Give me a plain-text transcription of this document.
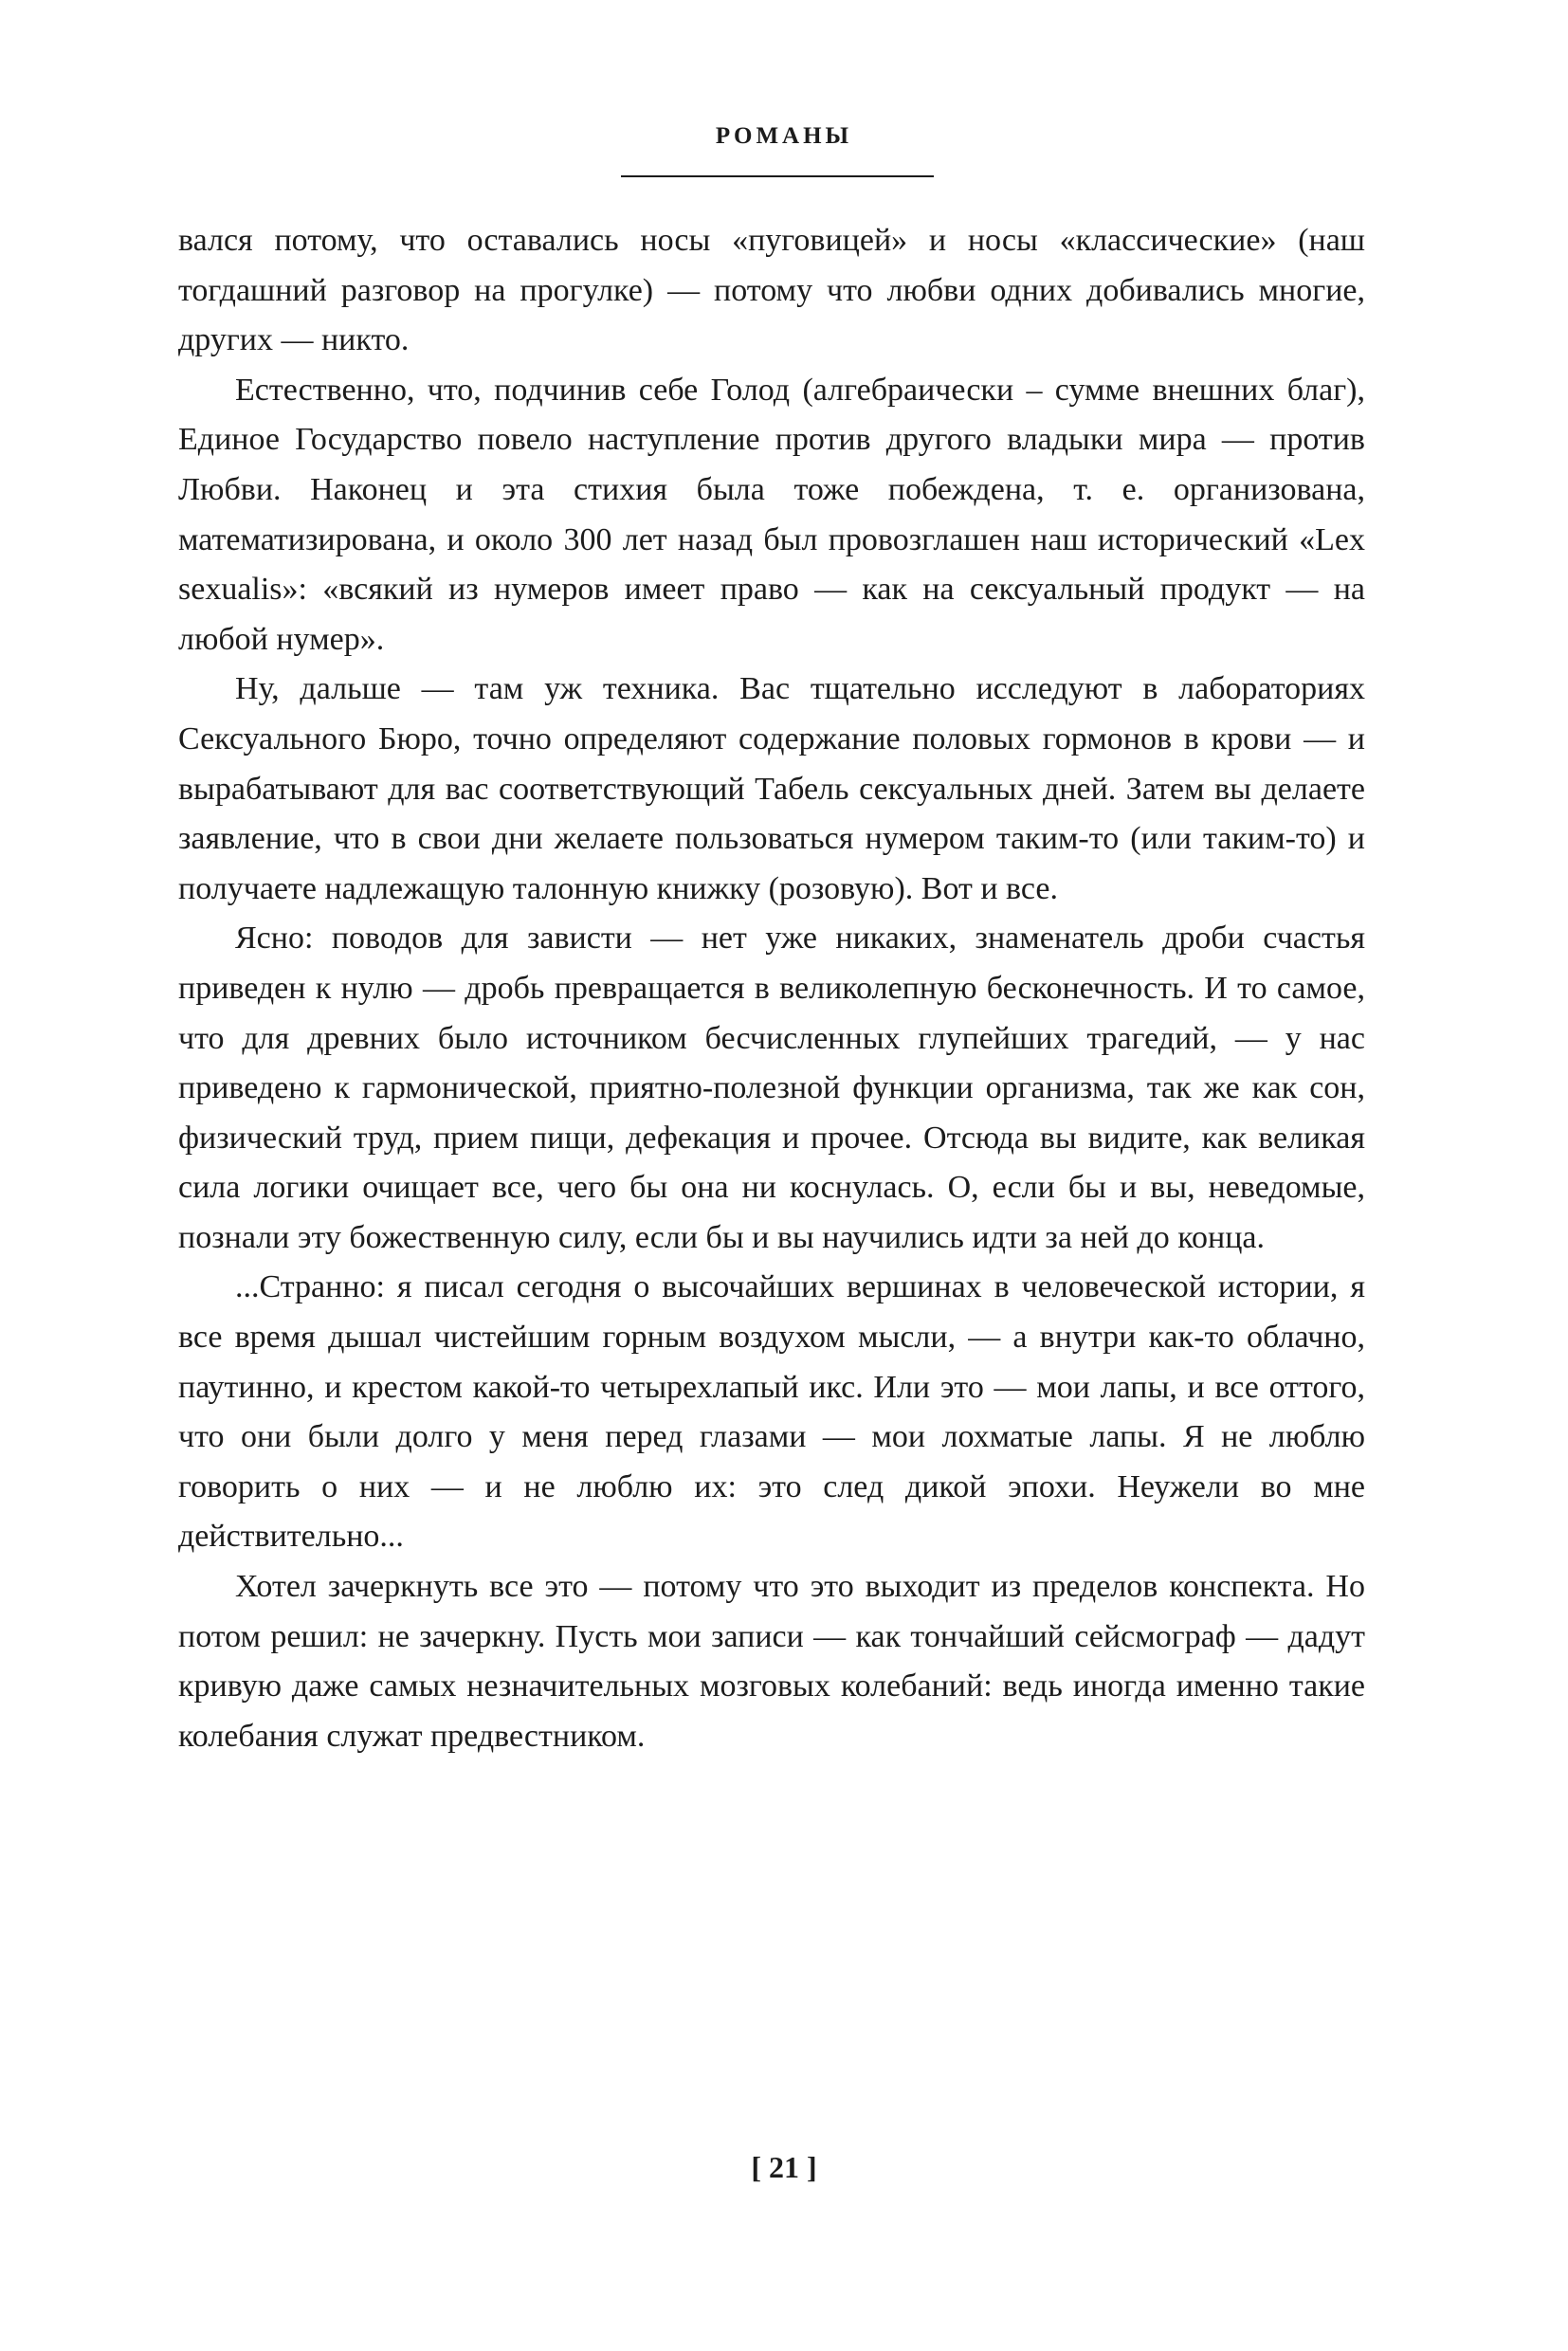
РОМАНЫ

вался потому, что оставались носы «пуговицей» и носы «классические» (наш тогдашний разговор на прогулке) — потому что любви одних добивались многие, других — никто.

Естественно, что, подчинив себе Голод (алгебраически – сумме внешних благ), Единое Государство повело наступление против другого владыки мира — против Любви. Наконец и эта стихия была тоже побеждена, т. е. организована, математизирована, и около 300 лет назад был провозглашен наш исторический «Lex sexualis»: «всякий из нумеров имеет право — как на сексуальный продукт — на любой нумер».

Ну, дальше — там уж техника. Вас тщательно исследуют в лабораториях Сексуального Бюро, точно определяют содержание половых гормонов в крови — и вырабатывают для вас соответствующий Табель сексуальных дней. Затем вы делаете заявление, что в свои дни желаете пользоваться нумером таким-то (или таким-то) и получаете надлежащую талонную книжку (розовую). Вот и все.

Ясно: поводов для зависти — нет уже никаких, знаменатель дроби счастья приведен к нулю — дробь превращается в великолепную бесконечность. И то самое, что для древних было источником бесчисленных глупейших трагедий, — у нас приведено к гармонической, приятно-полезной функции организма, так же как сон, физический труд, прием пищи, дефекация и прочее. Отсюда вы видите, как великая сила логики очищает все, чего бы она ни коснулась. О, если бы и вы, неведомые, познали эту божественную силу, если бы и вы научились идти за ней до конца.

...Странно: я писал сегодня о высочайших вершинах в человеческой истории, я все время дышал чистейшим горным воздухом мысли, — а внутри как-то облачно, паутинно, и крестом какой-то четырехлапый икс. Или это — мои лапы, и все оттого, что они были долго у меня перед глазами — мои лохматые лапы. Я не люблю говорить о них — и не люблю их: это след дикой эпохи. Неужели во мне действительно...

Хотел зачеркнуть все это — потому что это выходит из пределов конспекта. Но потом решил: не зачеркну. Пусть мои записи — как тончайший сейсмограф — дадут кривую даже самых незначительных мозговых колебаний: ведь иногда именно такие колебания служат предвестником.

[ 21 ]
